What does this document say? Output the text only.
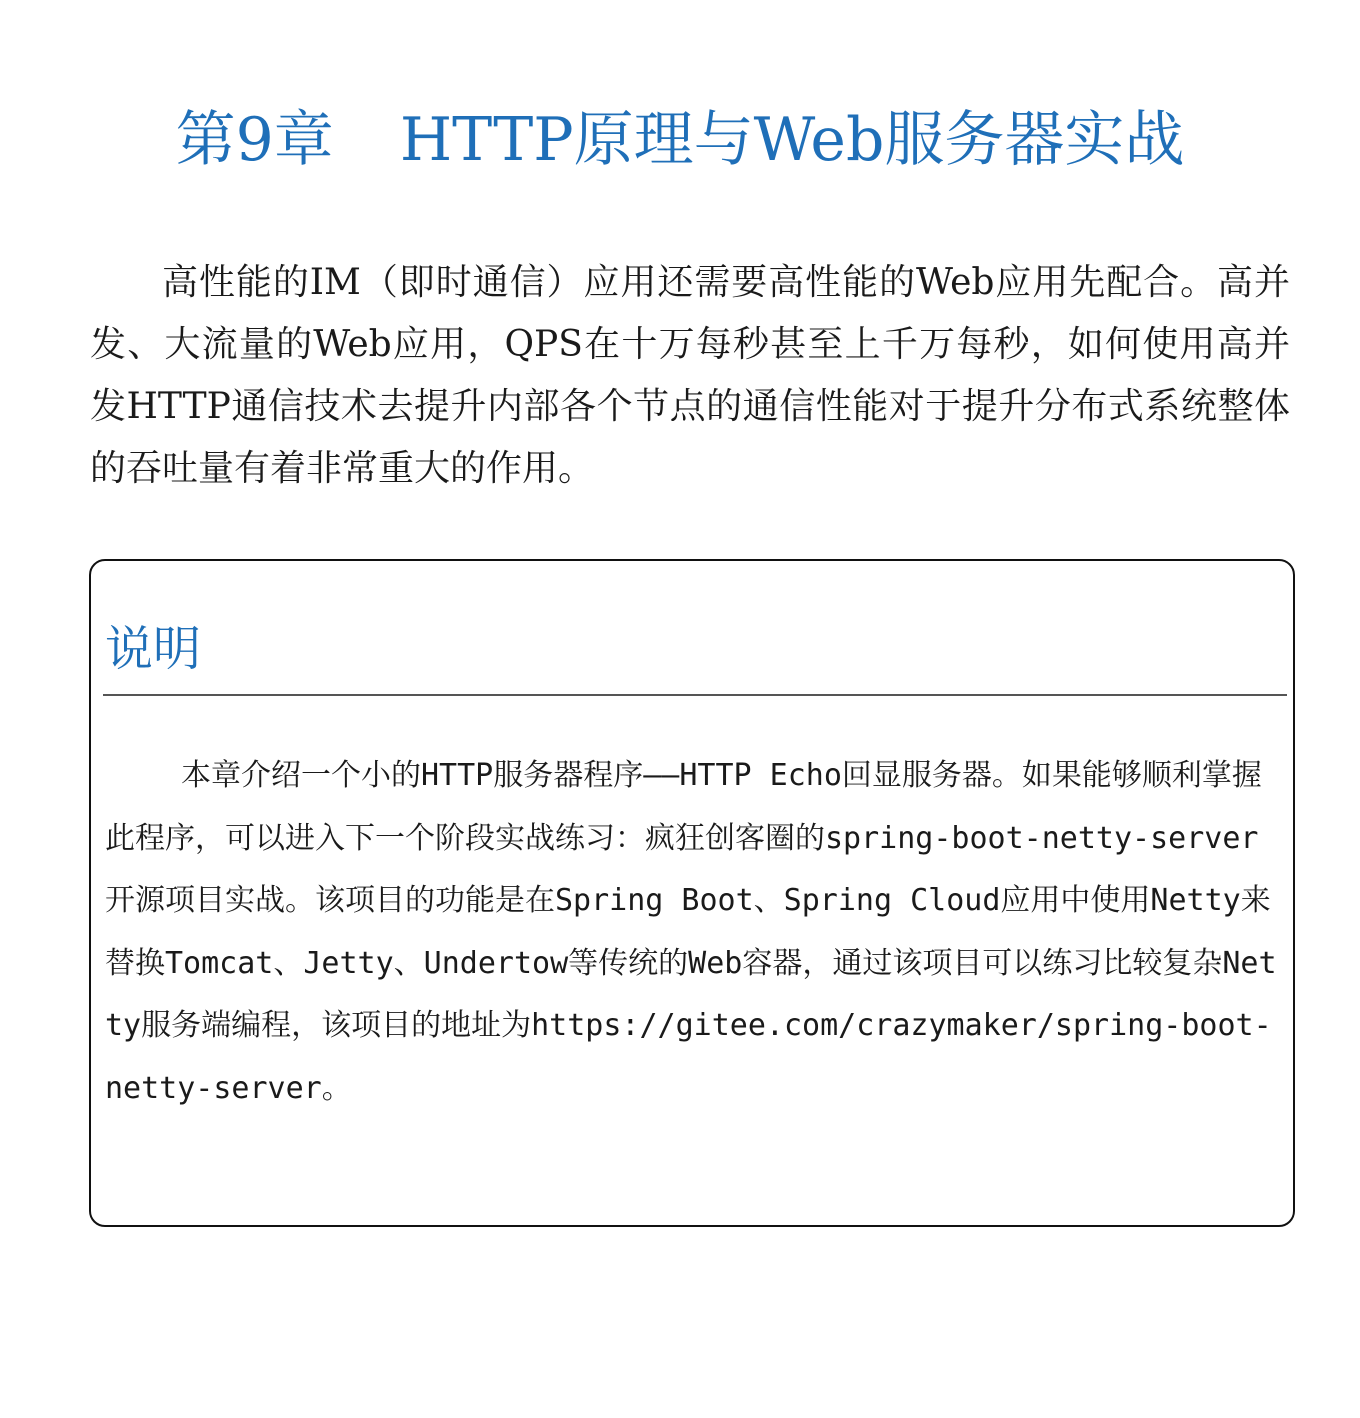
第9章 HTTP原理与Web服务器实战

高性能的IM（即时通信）应用还需要高性能的Web应用先配合。高并发、大流量的Web应用，QPS在十万每秒甚至上千万每秒，如何使用高并发HTTP通信技术去提升内部各个节点的通信性能对于提升分布式系统整体的吞吐量有着非常重大的作用。

说明

本章介绍一个小的HTTP服务器程序——HTTP Echo回显服务器。如果能够顺利掌握此程序，可以进入下一个阶段实战练习：疯狂创客圈的spring-boot-netty-server开源项目实战。该项目的功能是在Spring Boot、Spring Cloud应用中使用Netty来替换Tomcat、Jetty、Undertow等传统的Web容器，通过该项目可以练习比较复杂Netty服务端编程，该项目的地址为https://gitee.com/crazymaker/spring-boot-netty-server。
